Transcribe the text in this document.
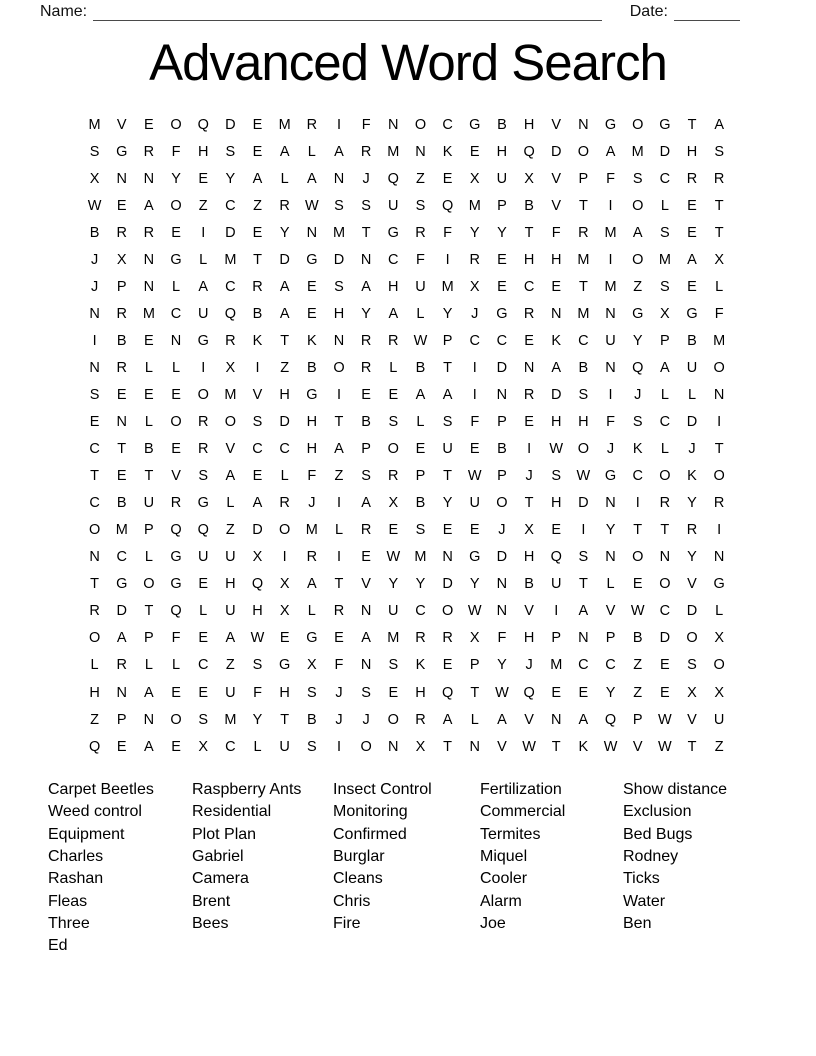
Name:	Date:
Advanced Word Search
M	V	E	O	Q	D	E	M	R	I	F	N	O	C	G	B	H	V	N	G	O	G	T	A
S	G	R	F	H	S	E	A	L	A	R	M	N	K	E	H	Q	D	O	A	M	D	H	S
X	N	N	Y	E	Y	A	L	A	N	J	Q	Z	E	X	U	X	V	P	F	S	C	R	R
W	E	A	O	Z	C	Z	R	W	S	S	U	S	Q	M	P	B	V	T	I	O	L	E	T
B	R	R	E	I	D	E	Y	N	M	T	G	R	F	Y	Y	T	F	R	M	A	S	E	T
J	X	N	G	L	M	T	D	G	D	N	C	F	I	R	E	H	H	M	I	O	M	A	X
J	P	N	L	A	C	R	A	E	S	A	H	U	M	X	E	C	E	T	M	Z	S	E	L
N	R	M	C	U	Q	B	A	E	H	Y	A	L	Y	J	G	R	N	M	N	G	X	G	F
I	B	E	N	G	R	K	T	K	N	R	R	W	P	C	C	E	K	C	U	Y	P	B	M
N	R	L	L	I	X	I	Z	B	O	R	L	B	T	I	D	N	A	B	N	Q	A	U	O
S	E	E	E	O	M	V	H	G	I	E	E	A	A	I	N	R	D	S	I	J	L	L	N
E	N	L	O	R	O	S	D	H	T	B	S	L	S	F	P	E	H	H	F	S	C	D	I
C	T	B	E	R	V	C	C	H	A	P	O	E	U	E	B	I	W	O	J	K	L	J	T
T	E	T	V	S	A	E	L	F	Z	S	R	P	T	W	P	J	S	W	G	C	O	K	O
C	B	U	R	G	L	A	R	J	I	A	X	B	Y	U	O	T	H	D	N	I	R	Y	R
O	M	P	Q	Q	Z	D	O	M	L	R	E	S	E	E	J	X	E	I	Y	T	T	R	I
N	C	L	G	U	U	X	I	R	I	E	W M	N	G	D	H	Q	S	N	O	N	Y	N
T	G	O	G	E	H	Q	X	A	T	V	Y	Y	D	Y	N	B	U	T	L	E	O	V	G
R	D	T	Q	L	U	H	X	L	R	N	U	C	O	W	N	V	I	A	V	W	C	D	L
O	A	P	F	E	A	W	E	G	E	A	M	R	R	X	F	H	P	N	P	B	D	O	X
L	R	L	L	C	Z	S	G	X	F	N	S	K	E	P	Y	J	M	C	C	Z	E	S	O
H	N	A	E	E	U	F	H	S	J	S	E	H	Q	T	W	Q	E	E	Y	Z	E	X	X
Z	P	N	O	S	M	Y	T	B	J	J	O	R	A	L	A	V	N	A	Q	P	W	V	U
Q	E	A	E	X	C	L	U	S	I	O	N	X	T	N	V	W	T	K	W	V	W	T	Z
Carpet Beetles
Weed control
Equipment
Charles
Rashan
Fleas
Three
Ed
Raspberry Ants
Residential
Plot Plan
Gabriel
Camera
Brent
Bees
Insect Control
Monitoring
Confirmed
Burglar
Cleans
Chris
Fire
Fertilization
Commercial
Termites
Miquel
Cooler
Alarm
Joe
Show distance
Exclusion
Bed Bugs
Rodney
Ticks
Water
Ben
